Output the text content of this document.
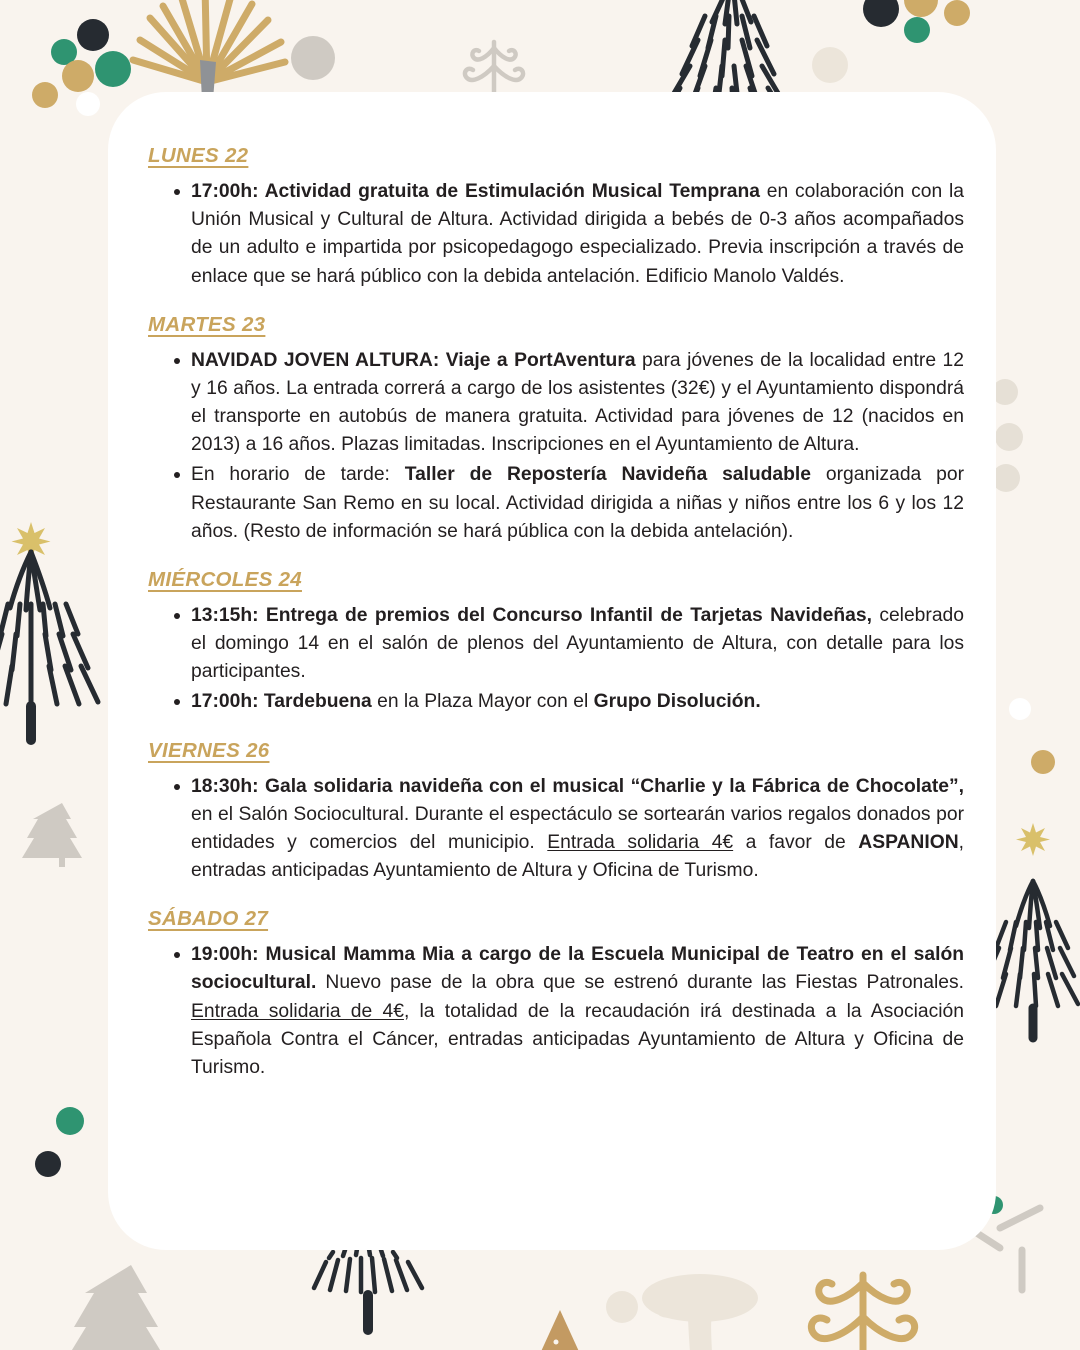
LUNES 22
17:00h: Actividad gratuita de Estimulación Musical Temprana en colaboración con la Unión Musical y Cultural de Altura. Actividad dirigida a bebés de 0-3 años acompañados de un adulto e impartida por psicopedagogo especializado. Previa inscripción a través de enlace que se hará público con la debida antelación. Edificio Manolo Valdés.
MARTES 23
NAVIDAD JOVEN ALTURA: Viaje a PortAventura para jóvenes de la localidad entre 12 y 16 años. La entrada correrá a cargo de los asistentes (32€) y el Ayuntamiento dispondrá el transporte en autobús de manera gratuita. Actividad para jóvenes de 12 (nacidos en 2013) a 16 años. Plazas limitadas. Inscripciones en el Ayuntamiento de Altura.
En horario de tarde: Taller de Repostería Navideña saludable organizada por Restaurante San Remo en su local. Actividad dirigida a niñas y niños entre los 6 y los 12 años. (Resto de información se hará pública con la debida antelación).
MIÉRCOLES 24
13:15h: Entrega de premios del Concurso Infantil de Tarjetas Navideñas, celebrado el domingo 14 en el salón de plenos del Ayuntamiento de Altura, con detalle para los participantes.
17:00h: Tardebuena en la Plaza Mayor con el Grupo Disolución.
VIERNES 26
18:30h: Gala solidaria navideña con el musical “Charlie y la Fábrica de Chocolate”, en el Salón Sociocultural. Durante el espectáculo se sortearán varios regalos donados por entidades y comercios del municipio. Entrada solidaria 4€ a favor de ASPANION, entradas anticipadas Ayuntamiento de Altura y Oficina de Turismo.
SÁBADO 27
19:00h: Musical Mamma Mia a cargo de la Escuela Municipal de Teatro en el salón sociocultural. Nuevo pase de la obra que se estrenó durante las Fiestas Patronales. Entrada solidaria de 4€, la totalidad de la recaudación irá destinada a la Asociación Española Contra el Cáncer, entradas anticipadas Ayuntamiento de Altura y Oficina de Turismo.
